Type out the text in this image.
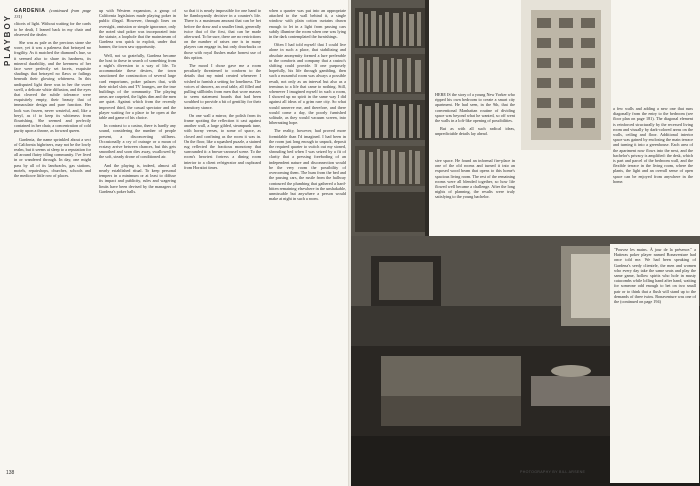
PLAYBOY
GARDENIA (continued from page 131)

clitoris of light. Without waiting for the cards to be dealt, I leaned back in my chair and observed the dealer.

She was as pale as the precious stone she wore, yet it was a paleness that betrayed no fragility. As it matched the diamond's hue, so it seemed also to share its hardness, its mineral durability, and the keenness of her face were perfectly set facets, exquisite shadings that betrayed no flaws or failings beneath their glowing whiteness. In this undisputed light there was in her the sweet swell, a delicate white diffusion, and the eyes that cleaved the subtle tolerance were exquisitely empty, their beauty that of immaculate design and pure function. Her look was frozen, never wasteful, and, like a beryl, as if to keep its whiteness from flourishing. She seemed and perfectly contained in her chair, a concentration of cold purity upon a throne, as forward queen.

Gardenia, the name sprinkled about a sect of California highrisers, may not be the lowly realm, but it seems at sleep to a reputation for all around flutey idling community. I've lived in or wandered through. In day, one might pass by all of its landwachs, gas stations, motels, repairshops, churches, schools and the mediocre little row of places.

up with Western expansion, a group of California legislators made playing poker in public illegal. However, through lines on oversight, omission or simple ignorance, only the noted stud poker was incorporated into the statute, a loophole that the mainstream of Gardena was quick to exploit, under that banner, the town saw opportunity.

Well, not so gratefully, Gardena became the host to these in search of something from a night's diversion to a way of life. To accommodate these desires, the town sanctioned the construction of several large card emporiums, poker palaces that, with their nickel slots and TV lounges, are the true buildings of the community. The playing areas are carpeted, the lights dim and the men are quiet. Against which from the recently improved third, the casual spectator and the player waiting for a place to be open at the table and game of his choice.

In contrast to a casino, there is hardly any sound, considering the number of people present, a disconcerting stillness. Occasionally a cry of outrage or a moan of ecstasy arrive between chances, but this gets smoothed and soon dies away, swallowed by the soft, steady drone of conditioned air.

And the playing is, indeed, almost all nearly established ritual. To keep personal tempers in a minimum or at least to diffuse its impact and publicity, rules and wagering limits have been devised by the managers of Gardena's poker halls.

so that it is nearly impossible for one hand to be flamboyantly decisive in a counter's life. There is a maximum amount that can be bet before the draw and a smaller limit, generally twice that of the first, that can be made afterward. To be sure, there are no restrictions on the number of raises one is in many players can engage in, but only drawbacks or those with royal flushes make honest use of this option.

The mood I chose gave me a room peculiarly threatened to conform to the details that my mind created whenever I wished to furnish a setting for loneliness. The voices of dancers, an oval table, all filled and pulling stillbirths from men that wore masses to seem statement boards that had been scrubbed to provide a bit of gentility for their transitory stance.

On one wall a mirror, the polish from its frame spotting the reflection it cast against another wall, a large gilded, steampunk tune, with horny verses, to some of space, as closed and confining as the room it was in. On the floor, like a squashed puzzle, a stained rug reflected the fractious monotony that surrounded it: a brown-carousel scene. To the room's heaviest fortress a dining room interior to a client refrigerator and cupboard from Horatiot times.

when a quarter was put into an appropriate attached to the wall behind it, a single window with plain cotton curtains drawn enough to let in a light from passing cars subtly illumine the room when one was lying in the dark contemplated the furnishings.

Often I had told myself that I could live alone in such a place, that stabilizing and absolute anonymity formed a lure preferable to the comforts and company that a casino's shifting could provide. If one purposely hopefully, his life through gambling, then such a mournful room was always a possible result, not only as an interval but also as a terminus to a life that came to nothing. Still, whenever I imagined myself in such a room, I showed up no spirit in the same way I did against all ideas of a grim rare city. So what would unnerve me, and therefore, and there would come a day, the poorly furnished solitude, as they would vacuum screen, into hibernating hope.

The reality, however, had proved more formidable than I'd imagined. I had been in the room just long enough to unpack, deposit the required quarter to switch out my stoned, shrouding bed when I was seized by a fit of clarity that a pressing foreboding of an independent nature and disconnection would be the very room the possibility of overcoming them. The hum from the bed and the passing cars, the rustle from the hallway contoured the plumbing that gathered a hard-bitten remaining elsewhere in the unshakable, unmissable but anywhere a person would make at night in such a room.

138

HERE IS the story of a young New Yorker who ripped his own bedroom to create a smart city apartment. He had seen, in the 9th, that the conventional Manhattan routine of dividing space was beyond what he wanted, so off went the walls in a loft-like opening of possibilities.

But as with all such radical ideas, unpredictable details lay ahead.

sive space. He found an informal fire-place in one of the old rooms and turned it into an exposed wood beam that opens to this home's spacious living room. The rest of the remaining rooms were all blended together, so how life flowed well became a challenge. After the long nights of planning, the results were truly satisfying to the young bachelor.

a few walls and adding a new one that runs diagonally from the entry to the bedroom (see floor plan on page 181). The diagonal element is reinforced structurally by the recessed living room and visually by dark-colored areas on the walls, ceiling and floor. Additional interior space was gained by enclosing the main terrace and turning it into a greenhouse. Each area of the apartment now flows into the next, and the bachelor's privacy is amplified: the desk, which is part and parcel of the bedroom wall, and the flexible terrace in the living room, where the plants, the light and an overall sense of open space can be enjoyed from anywhere in the home.

"Pouvez les mains. À jour de la présence." a Hatteras poker player named Bonaventure had once told me. We had been speaking of Gardena's seedy clientele, the men and women who every day take the same seats and play the same game, hollow spirits who hole in musty catacombs while lolling hand after hand, waiting for someone odd enough to bet on two small pair or to think that a flush will stand up to the demands of three twins. Bonaventure was one of the (continued on page 194)

PHOTOGRAPHY BY BILL ARSENE
